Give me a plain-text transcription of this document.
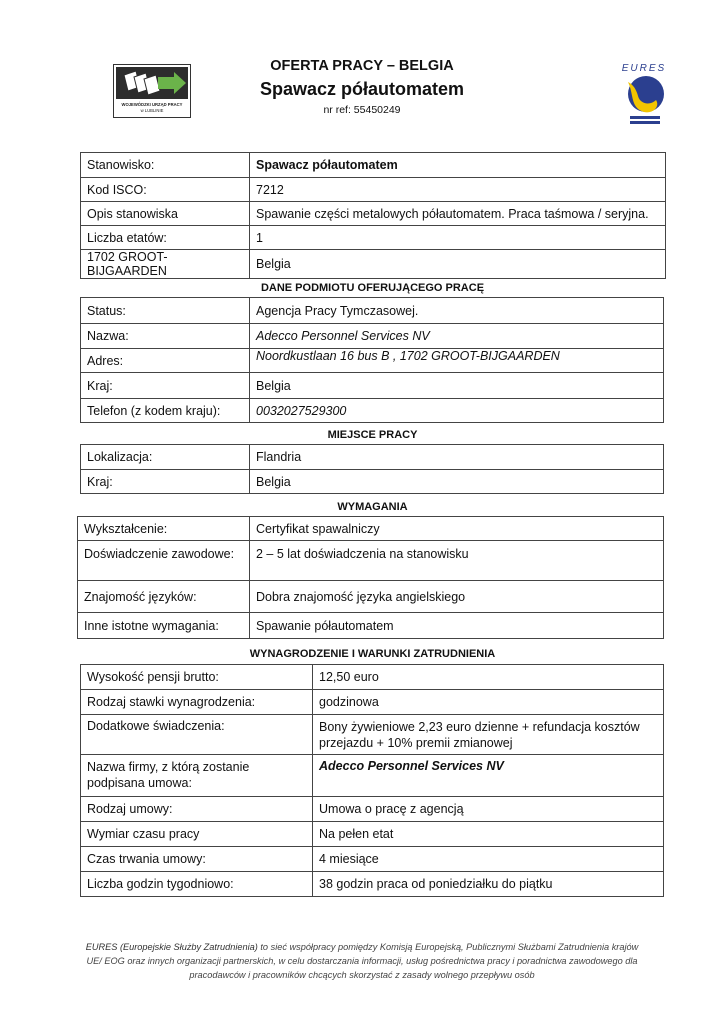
OFERTA PRACY – BELGIA
Spawacz półautomatem
nr ref: 55450249
WOJEWÓDZKI URZĄD PRACY
w LUBLINIE
EURES
Stanowisko:	Spawacz półautomatem
Kod ISCO:	7212
Opis stanowiska	Spawanie części metalowych półautomatem. Praca taśmowa / seryjna.
Liczba etatów:	1
1702 GROOT-BIJGAARDEN	Belgia
DANE PODMIOTU OFERUJĄCEGO PRACĘ
Status:	Agencja Pracy Tymczasowej.
Nazwa:	Adecco Personnel Services NV
Adres:	Noordkustlaan 16 bus B , 1702 GROOT-BIJGAARDEN
Kraj:	Belgia
Telefon (z kodem kraju):	0032027529300
MIEJSCE PRACY
Lokalizacja:	Flandria
Kraj:	Belgia
WYMAGANIA
Wykształcenie:	Certyfikat spawalniczy
Doświadczenie zawodowe:	2 – 5 lat doświadczenia na stanowisku
Znajomość języków:	Dobra znajomość języka angielskiego
Inne istotne wymagania:	Spawanie półautomatem
WYNAGRODZENIE I WARUNKI ZATRUDNIENIA
Wysokość pensji brutto:	12,50 euro
Rodzaj stawki wynagrodzenia:	godzinowa
Dodatkowe świadczenia:	Bony żywieniowe 2,23 euro dzienne + refundacja kosztów przejazdu + 10% premii zmianowej
Nazwa firmy, z którą zostanie podpisana umowa:	Adecco Personnel Services NV
Rodzaj umowy:	Umowa o pracę z agencją
Wymiar czasu pracy	Na pełen etat
Czas trwania umowy:	4 miesiące
Liczba godzin tygodniowo:	38 godzin praca od poniedziałku do piątku
EURES (Europejskie Służby Zatrudnienia) to sieć współpracy pomiędzy Komisją Europejską, Publicznymi Służbami Zatrudnienia krajów UE/ EOG oraz innych organizacji partnerskich, w celu dostarczania informacji, usług pośrednictwa pracy i poradnictwa zawodowego dla pracodawców i pracowników chcących skorzystać z zasady wolnego przepływu osób
